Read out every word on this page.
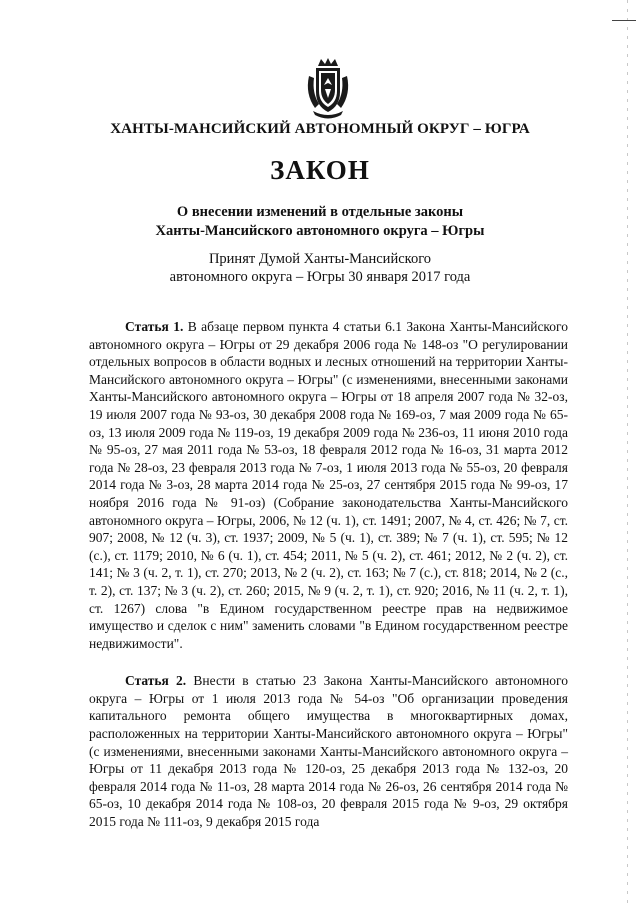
ХАНТЫ-МАНСИЙСКИЙ АВТОНОМНЫЙ ОКРУГ – ЮГРА
ЗАКОН
О внесении изменений в отдельные законы
Ханты-Мансийского автономного округа – Югры
Принят Думой Ханты-Мансийского
автономного округа – Югры 30 января 2017 года

Статья 1. В абзаце первом пункта 4 статьи 6.1 Закона Ханты-Мансийского автономного округа – Югры от 29 декабря 2006 года № 148-оз "О регулировании отдельных вопросов в области водных и лесных отношений на территории Ханты-Мансийского автономного округа – Югры" (с изменениями, внесенными законами Ханты-Мансийского автономного округа – Югры от 18 апреля 2007 года № 32-оз, 19 июля 2007 года № 93-оз, 30 декабря 2008 года № 169-оз, 7 мая 2009 года № 65-оз, 13 июля 2009 года № 119-оз, 19 декабря 2009 года № 236-оз, 11 июня 2010 года № 95-оз, 27 мая 2011 года № 53-оз, 18 февраля 2012 года № 16-оз, 31 марта 2012 года № 28-оз, 23 февраля 2013 года № 7-оз, 1 июля 2013 года № 55-оз, 20 февраля 2014 года № 3-оз, 28 марта 2014 года № 25-оз, 27 сентября 2015 года № 99-оз, 17 ноября 2016 года № 91-оз) (Собрание законодательства Ханты-Мансийского автономного округа – Югры, 2006, № 12 (ч. 1), ст. 1491; 2007, № 4, ст. 426; № 7, ст. 907; 2008, № 12 (ч. 3), ст. 1937; 2009, № 5 (ч. 1), ст. 389; № 7 (ч. 1), ст. 595; № 12 (с.), ст. 1179; 2010, № 6 (ч. 1), ст. 454; 2011, № 5 (ч. 2), ст. 461; 2012, № 2 (ч. 2), ст. 141; № 3 (ч. 2, т. 1), ст. 270; 2013, № 2 (ч. 2), ст. 163; № 7 (с.), ст. 818; 2014, № 2 (с., т. 2), ст. 137; № 3 (ч. 2), ст. 260; 2015, № 9 (ч. 2, т. 1), ст. 920; 2016, № 11 (ч. 2, т. 1), ст. 1267) слова "в Едином государственном реестре прав на недвижимое имущество и сделок с ним" заменить словами "в Едином государственном реестре недвижимости".

Статья 2. Внести в статью 23 Закона Ханты-Мансийского автономного округа – Югры от 1 июля 2013 года № 54-оз "Об организации проведения капитального ремонта общего имущества в многоквартирных домах, расположенных на территории Ханты-Мансийского автономного округа – Югры" (с изменениями, внесенными законами Ханты-Мансийского автономного округа – Югры от 11 декабря 2013 года № 120-оз, 25 декабря 2013 года № 132-оз, 20 февраля 2014 года № 11-оз, 28 марта 2014 года № 26-оз, 26 сентября 2014 года № 65-оз, 10 декабря 2014 года № 108-оз, 20 февраля 2015 года № 9-оз, 29 октября 2015 года № 111-оз, 9 декабря 2015 года
